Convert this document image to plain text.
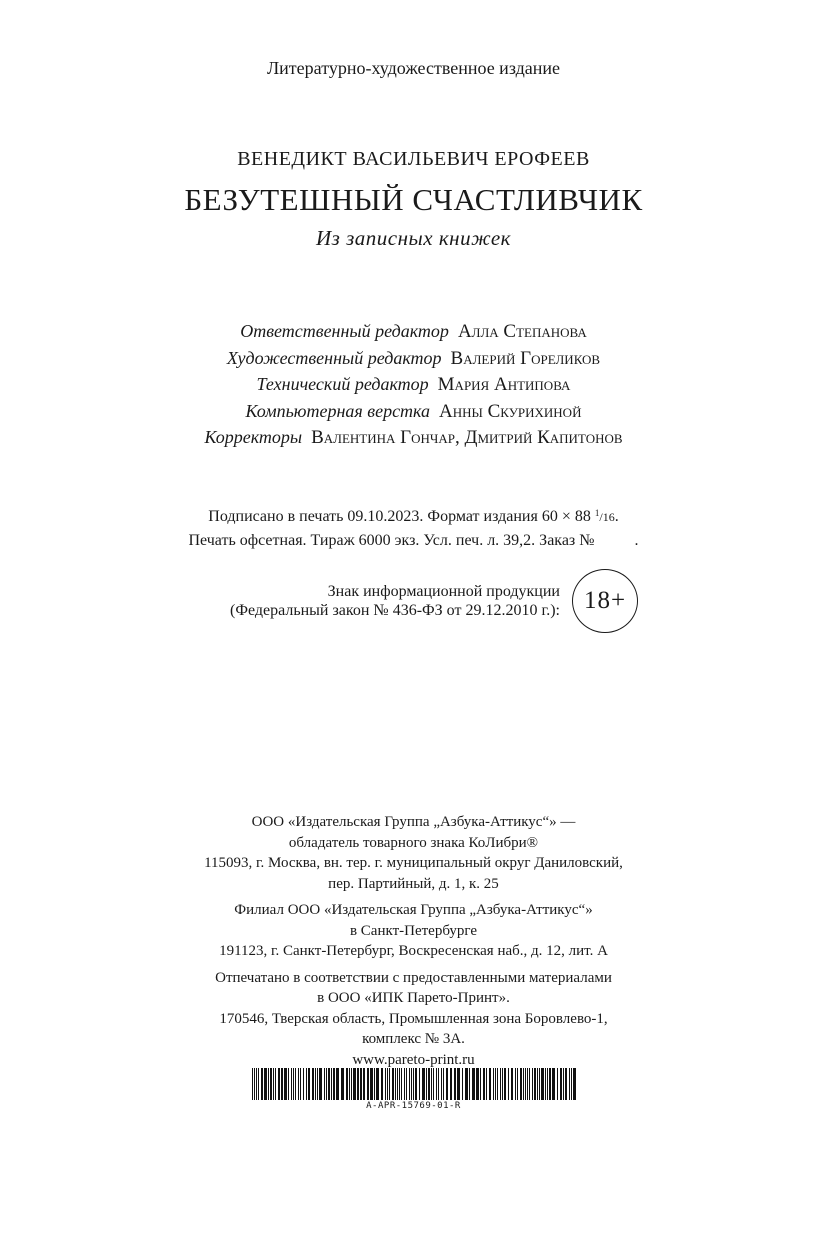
Литературно-художественное издание
ВЕНЕДИКТ ВАСИЛЬЕВИЧ ЕРОФЕЕВ
БЕЗУТЕШНЫЙ СЧАСТЛИВЧИК
Из записных книжек
Ответственный редактор Алла Степанова
Художественный редактор Валерий Гореликов
Технический редактор Мария Антипова
Компьютерная верстка Анны Скурихиной
Корректоры Валентина Гончар, Дмитрий Капитонов
Подписано в печать 09.10.2023. Формат издания 60 × 88 $^1$/16.
Печать офсетная. Тираж 6000 экз. Усл. печ. л. 39,2. Заказ №	.
Знак информационной продукции
(Федеральный закон № 436-ФЗ от 29.12.2010 г.): 18+
ООО «Издательская Группа „Азбука-Аттикус“» —
обладатель товарного знака КоЛибри®
115093, г. Москва, вн. тер. г. муниципальный округ Даниловский,
пер. Партийный, д. 1, к. 25
Филиал ООО «Издательская Группа „Азбука-Аттикус“»
в Санкт-Петербурге
191123, г. Санкт-Петербург, Воскресенская наб., д. 12, лит. А
Отпечатано в соответствии с предоставленными материалами
в ООО «ИПК Парето-Принт».
170546, Тверская область, Промышленная зона Боровлево-1,
комплекс № 3А.
www.pareto-print.ru
A-APR-15769-01-R
